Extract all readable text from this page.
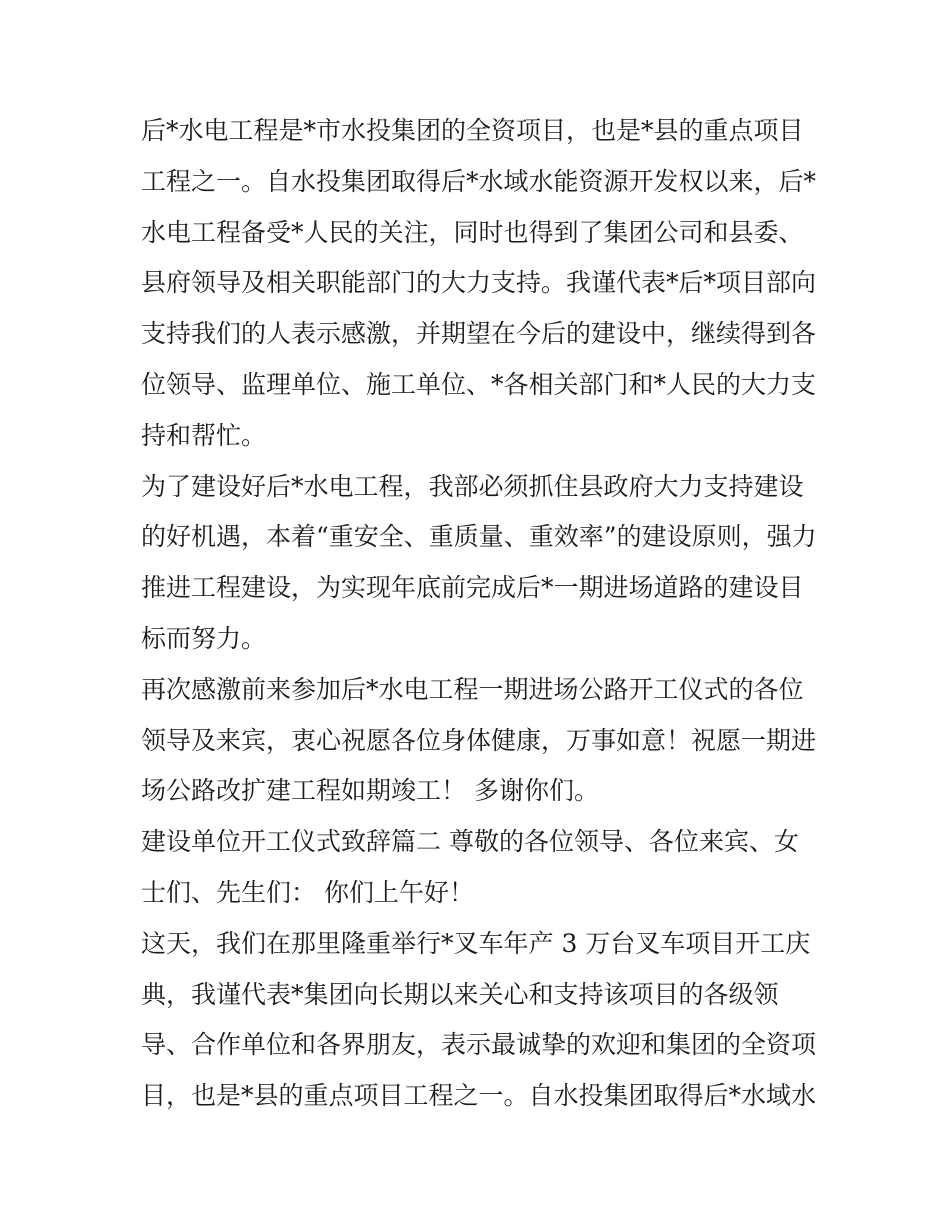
后*水电工程是*市水投集团的全资项目，也是*县的重点项目
工程之一。自水投集团取得后*水域水能资源开发权以来，后*
水电工程备受*人民的关注，同时也得到了集团公司和县委、
县府领导及相关职能部门的大力支持。我谨代表*后*项目部向
支持我们的人表示感激，并期望在今后的建设中，继续得到各
位领导、监理单位、施工单位、*各相关部门和*人民的大力支
持和帮忙。
为了建设好后*水电工程，我部必须抓住县政府大力支持建设
的好机遇，本着“重安全、重质量、重效率”的建设原则，强力
推进工程建设，为实现年底前完成后*一期进场道路的建设目
标而努力。
再次感激前来参加后*水电工程一期进场公路开工仪式的各位
领导及来宾，衷心祝愿各位身体健康，万事如意！祝愿一期进
场公路改扩建工程如期竣工！ 多谢你们。
建设单位开工仪式致辞篇二 尊敬的各位领导、各位来宾、女
士们、先生们： 你们上午好！
这天，我们在那里隆重举行*叉车年产 3 万台叉车项目开工庆
典，我谨代表*集团向长期以来关心和支持该项目的各级领
导、合作单位和各界朋友，表示最诚挚的欢迎和集团的全资项
目，也是*县的重点项目工程之一。自水投集团取得后*水域水
